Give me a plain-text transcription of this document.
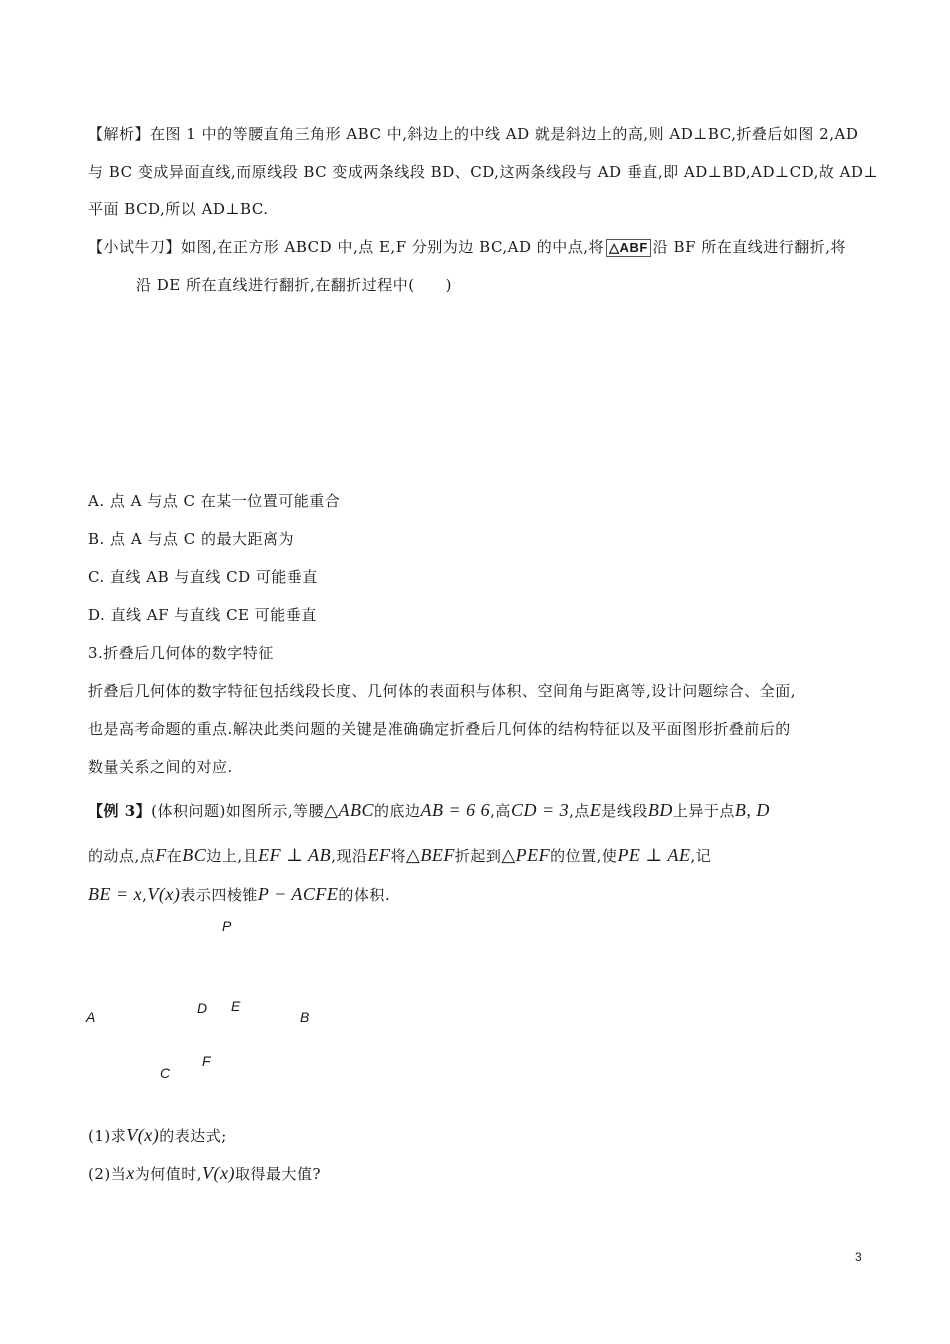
【解析】在图 1 中的等腰直角三角形 ABC 中,斜边上的中线 AD 就是斜边上的高,则 AD⊥BC,折叠后如图 2,AD
与 BC 变成异面直线,而原线段 BC 变成两条线段 BD、CD,这两条线段与 AD 垂直,即 AD⊥BD,AD⊥CD,故 AD⊥
平面 BCD,所以 AD⊥BC.
【小试牛刀】如图,在正方形 ABCD 中,点 E,F 分别为边 BC,AD 的中点,将 △ABF 沿 BF 所在直线进行翻折,将
沿 DE 所在直线进行翻折,在翻折过程中(　　)
A. 点 A 与点 C 在某一位置可能重合
B. 点 A 与点 C 的最大距离为
C. 直线 AB 与直线 CD 可能垂直
D. 直线 AF 与直线 CE 可能垂直
3.折叠后几何体的数字特征
折叠后几何体的数字特征包括线段长度、几何体的表面积与体积、空间角与距离等,设计问题综合、全面,
也是高考命题的重点.解决此类问题的关键是准确确定折叠后几何体的结构特征以及平面图形折叠前后的
数量关系之间的对应.
【例 3】(体积问题)如图所示,等腰△ABC的底边AB = 6 6,高CD = 3,点E是线段BD上异于点B, D
的动点,点F在BC边上,且EF ⊥ AB,现沿EF将△BEF折起到△PEF的位置,使PE ⊥ AE,记
BE = x,V(x)表示四棱锥P − ACFE的体积.
P
A
D E
B
F
C
(1)求V(x)的表达式;
(2)当x为何值时,V(x)取得最大值?
3
